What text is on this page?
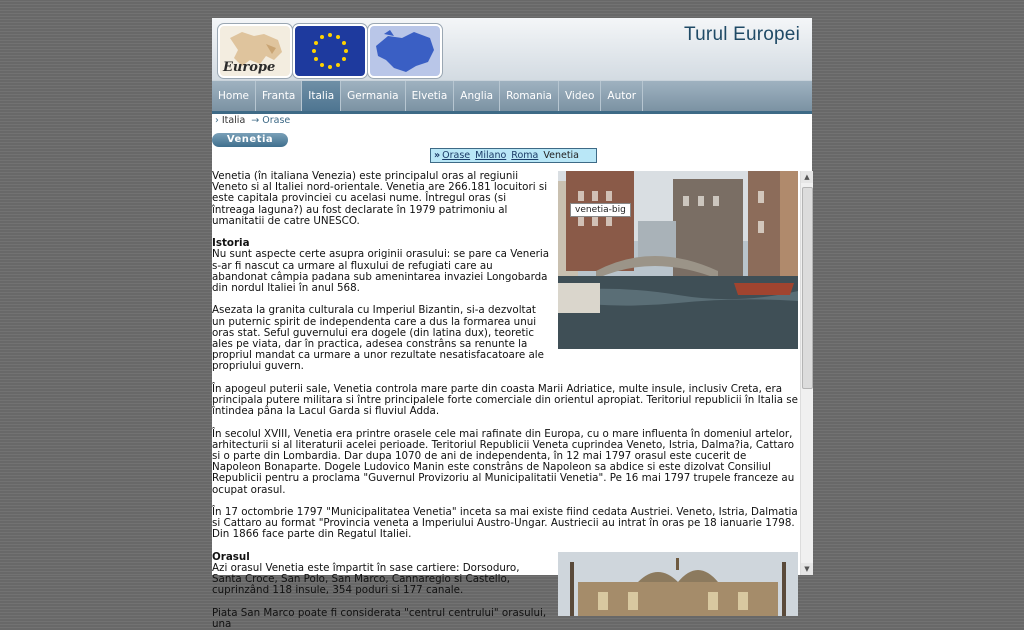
Europe
Turul Europei
Home	Franta	Italia	Germania	Elvetia	Anglia	Romania	Video	Autor
› Italia → Orase
Venetia
» Orase Milano Roma Venetia

Venetia (în italiana Venezia) este principalul oras al regiunii Veneto si al Italiei nord-orientale. Venetia are 266.181 locuitori si este capitala provinciei cu acelasi nume. Întregul oras (si întreaga laguna?) au fost declarate în 1979 patrimoniu al umanitatii de catre UNESCO.

Istoria

Nu sunt aspecte certe asupra originii orasului: se pare ca Veneria s-ar fi nascut ca urmare al fluxului de refugiati care au abandonat câmpia padana sub amenintarea invaziei Longobarda din nordul Italiei în anul 568.

Asezata la granita culturala cu Imperiul Bizantin, si-a dezvoltat un puternic spirit de independenta care a dus la formarea unui oras stat. Seful guvernului era dogele (din latina dux), teoretic ales pe viata, dar în practica, adesea constrâns sa renunte la propriul mandat ca urmare a unor rezultate nesatisfacatoare ale propriului guvern.

În apogeul puterii sale, Venetia controla mare parte din coasta Marii Adriatice, multe insule, inclusiv Creta, era principala putere militara si între principalele forte comerciale din orientul apropiat. Teritoriul republicii în Italia se întindea pâna la Lacul Garda si fluviul Adda.

În secolul XVIII, Venetia era printre orasele cele mai rafinate din Europa, cu o mare influenta în domeniul artelor, arhitecturii si al literaturii acelei perioade. Teritoriul Republicii Veneta cuprindea Veneto, Istria, Dalma?ia, Cattaro si o parte din Lombardia. Dar dupa 1070 de ani de independenta, în 12 mai 1797 orasul este cucerit de Napoleon Bonaparte. Dogele Ludovico Manin este constrâns de Napoleon sa abdice si este dizolvat Consiliul Republicii pentru a proclama "Guvernul Provizoriu al Municipalitatii Venetia". Pe 16 mai 1797 trupele franceze au ocupat orasul.

În 17 octombrie 1797 "Municipalitatea Venetia" inceta sa mai existe fiind cedata Austriei. Veneto, Istria, Dalmatia si Cattaro au format "Provincia veneta a Imperiului Austro-Ungar. Austriecii au intrat în oras pe 18 ianuarie 1798. Din 1866 face parte din Regatul Italiei.

Orasul

Azi orasul Venetia este împartit în sase cartiere: Dorsoduro, Santa Croce, San Polo, San Marco, Cannaregio si Castello, cuprinzând 118 insule, 354 poduri si 177 canale.

Piata San Marco poate fi considerata "centrul centrului" orasului, una

venetia-big
▲
▼
